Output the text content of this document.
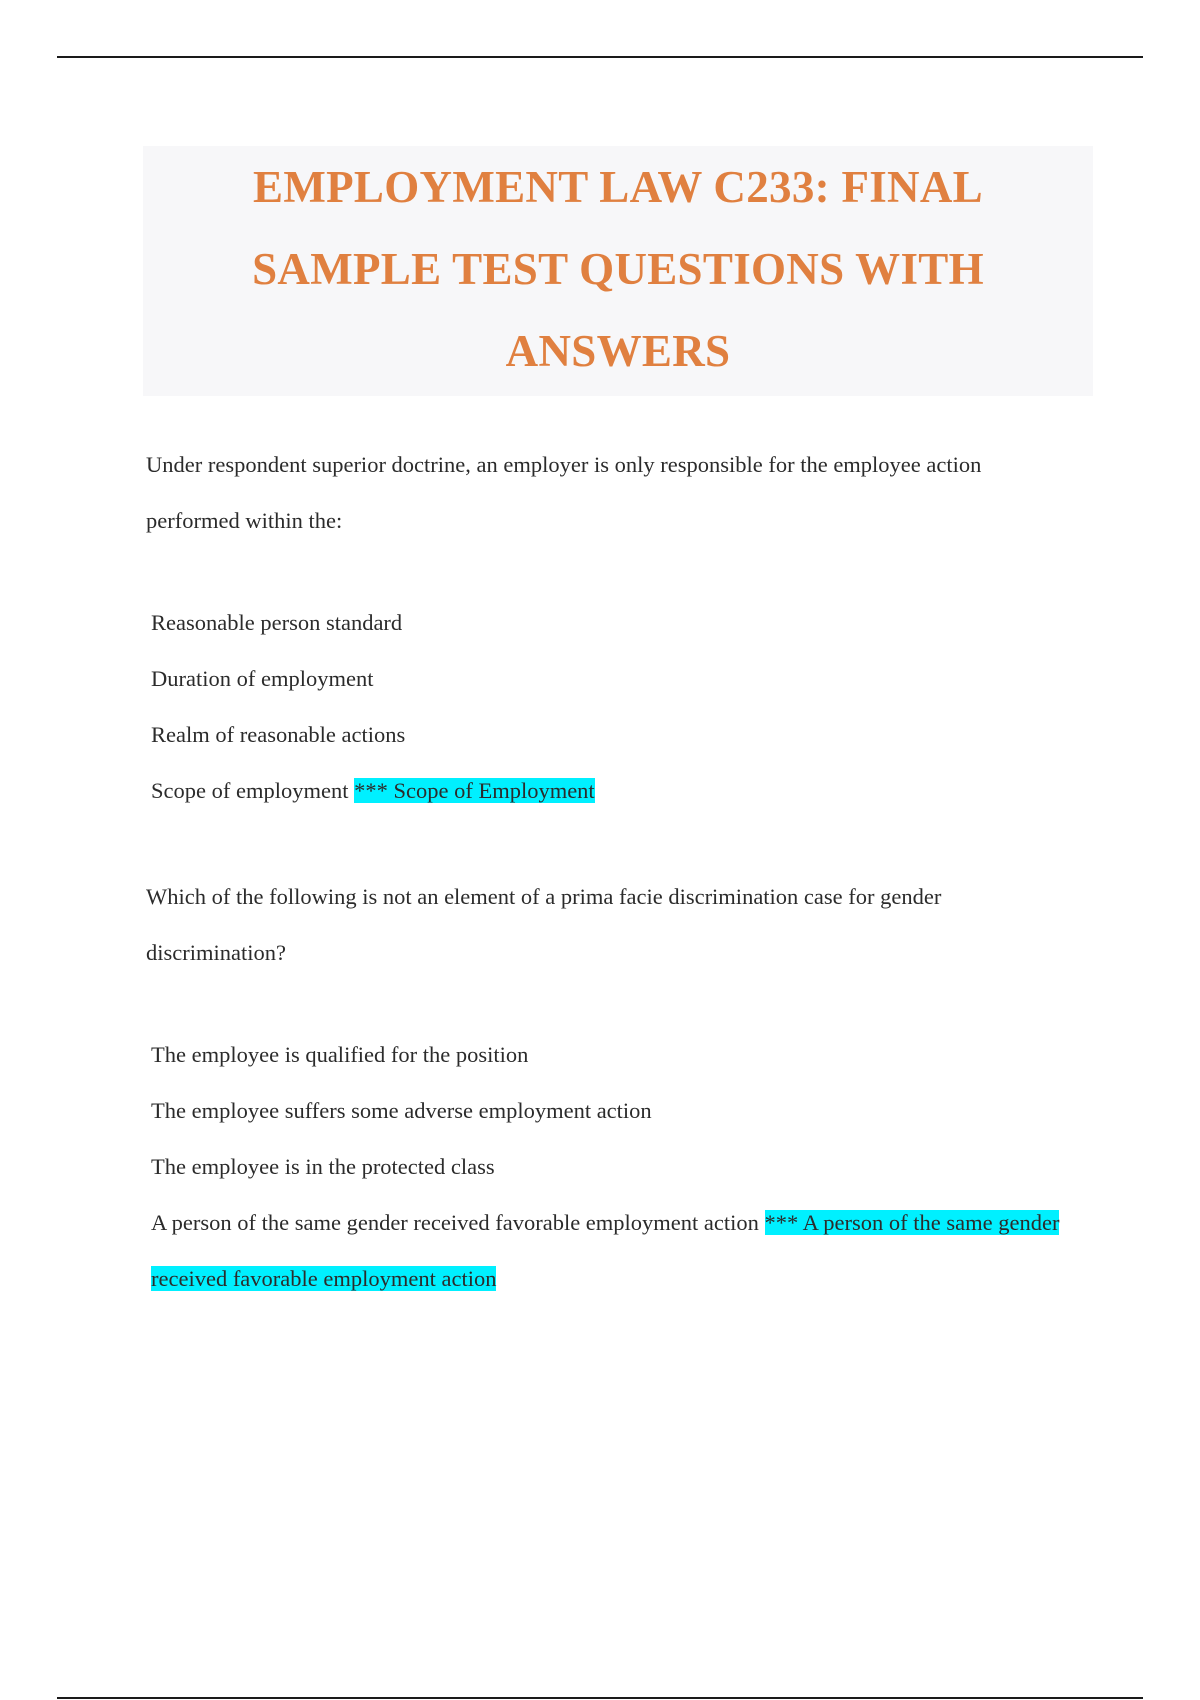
EMPLOYMENT LAW C233: FINAL
SAMPLE TEST QUESTIONS WITH
ANSWERS

Under respondent superior doctrine, an employer is only responsible for the employee action performed within the:

Reasonable person standard
Duration of employment
Realm of reasonable actions
Scope of employment *** Scope of Employment

Which of the following is not an element of a prima facie discrimination case for gender discrimination?

The employee is qualified for the position
The employee suffers some adverse employment action
The employee is in the protected class
A person of the same gender received favorable employment action *** A person of the same gender received favorable employment action
